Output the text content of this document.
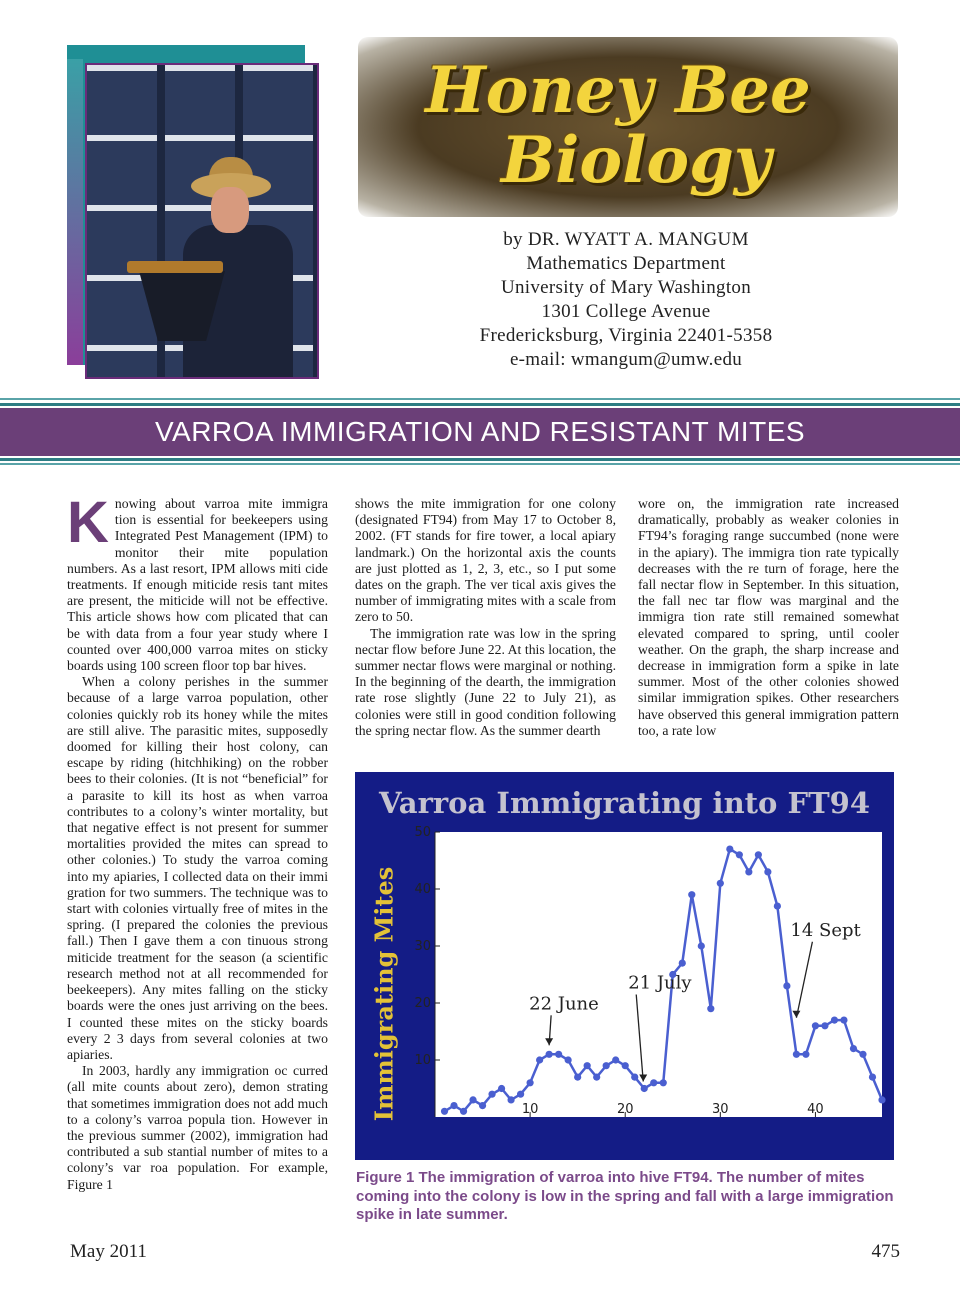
Honey Bee
Biology
by DR. WYATT A. MANGUM
Mathematics Department
University of Mary Washington
1301 College Avenue
Fredericksburg, Virginia 22401-5358
e-mail: wmangum@umw.edu
VARROA IMMIGRATION AND RESISTANT MITES
K nowing about varroa mite immigra tion is essential for beekeepers using Integrated Pest Management (IPM) to monitor their mite population numbers. As a last resort, IPM allows miti cide treatments. If enough miticide resis tant mites are present, the miticide will not be effective. This article shows how com plicated that can be with data from a four year study where I counted over 400,000 varroa mites on sticky boards using 100 screen floor top bar hives.

When a colony perishes in the summer because of a large varroa population, other colonies quickly rob its honey while the mites are still alive. The parasitic mites, supposedly doomed for killing their host colony, can escape by riding (hitchhiking) on the robber bees to their colonies. (It is not “beneficial” for a parasite to kill its host as when varroa contributes to a colony’s winter mortality, but that negative effect is not present for summer mortalities provided the mites can spread to other colonies.) To study the varroa coming into my apiaries, I collected data on their immi gration for two summers. The technique was to start with colonies virtually free of mites in the spring. (I prepared the colonies the previous fall.) Then I gave them a con tinuous strong miticide treatment for the season (a scientific research method not at all recommended for beekeepers). Any mites falling on the sticky boards were the ones just arriving on the bees. I counted these mites on the sticky boards every 2 3 days from several colonies at two apiaries.

In 2003, hardly any immigration oc curred (all mite counts about zero), demon strating that sometimes immigration does not add much to a colony’s varroa popula tion. However in the previous summer (2002), immigration had contributed a sub stantial number of mites to a colony’s var roa population. For example, Figure 1

shows the mite immigration for one colony (designated FT94) from May 17 to October 8, 2002. (FT stands for fire tower, a local apiary landmark.) On the horizontal axis the counts are just plotted as 1, 2, 3, etc., so I put some dates on the graph. The ver tical axis gives the number of immigrating mites with a scale from zero to 50.

The immigration rate was low in the spring nectar flow before June 22. At this location, the summer nectar flows were marginal or nothing. In the beginning of the dearth, the immigration rate rose slightly (June 22 to July 21), as colonies were still in good condition following the spring nectar flow. As the summer dearth

wore on, the immigration rate increased dramatically, probably as weaker colonies in FT94’s foraging range succumbed (none were in the apiary). The immigra tion rate typically decreases with the re turn of forage, here the fall nectar flow in September. In this situation, the fall nec tar flow was marginal and the immigra tion rate still remained somewhat elevated compared to spring, until cooler weather. On the graph, the sharp increase and decrease in immigration form a spike in late summer. Most of the other colonies showed similar immigration spikes. Other researchers have observed this general immigration pattern too, a rate low

Varroa Immigrating into FT94
Immigrating Mites 10
20
30
40
50
10	20	30	40
22 June
21 July
14 Sept
Figure 1 The immigration of varroa into hive FT94. The number of mites coming into the colony is low in the spring and fall with a large immigration spike in late summer.
May 2011	475
